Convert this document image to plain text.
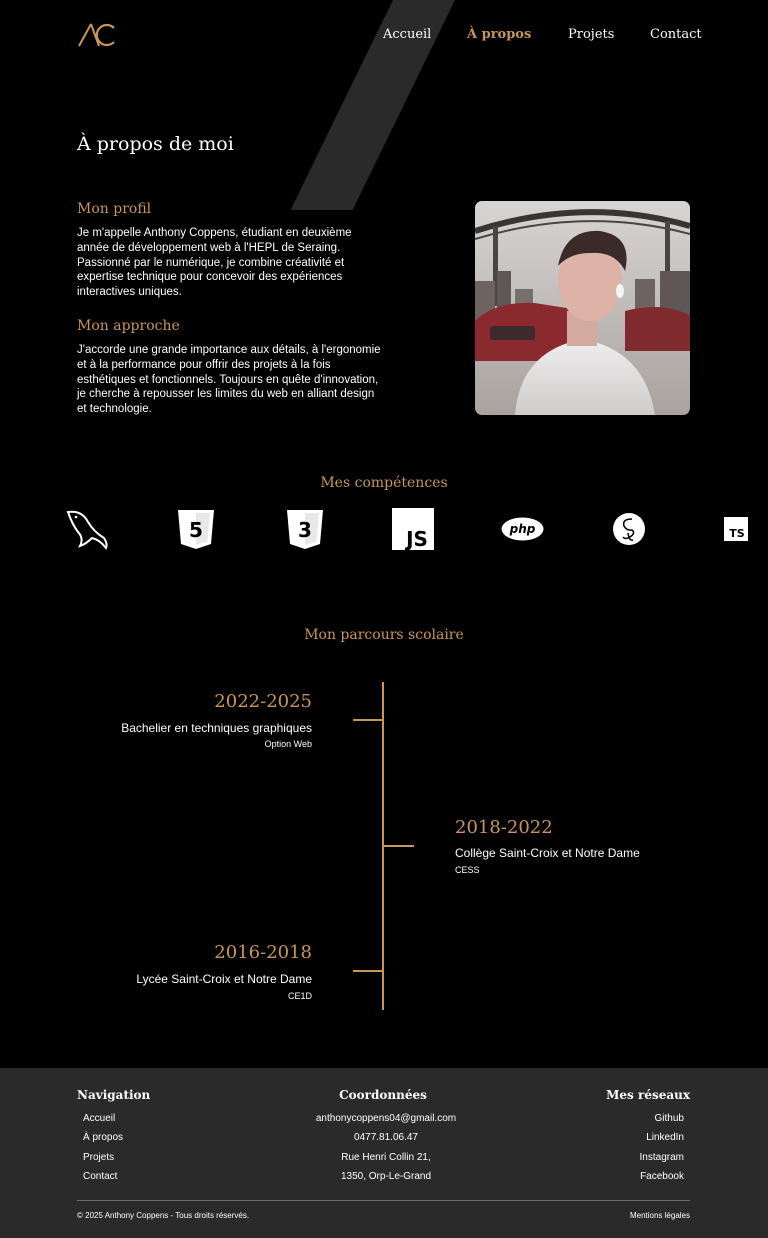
Accueil	À propos	Projets	Contact
À propos de moi
Mon profil

Je m'appelle Anthony Coppens, étudiant en deuxième année de développement web à l'HEPL de Seraing. Passionné par le numérique, je combine créativité et expertise technique pour concevoir des expériences interactives uniques.

Mon approche

J'accorde une grande importance aux détails, à l'ergonomie et à la performance pour offrir des projets à la fois esthétiques et fonctionnels. Toujours en quête d'innovation, je cherche à repousser les limites du web en alliant design et technologie.

Mes compétences
5	3	JS	php	TS
Mon parcours scolaire
2022-2025
Bachelier en techniques graphiques
Option Web
2018-2022
Collège Saint-Croix et Notre Dame
CESS
2016-2018
Lycée Saint-Croix et Notre Dame
CE1D
Navigation
Accueil
À propos
Projets
Contact
Coordonnées
anthonycoppens04@gmail.com
0477.81.06.47
Rue Henri Collin 21,
1350, Orp-Le-Grand
Mes réseaux
Github
LinkedIn
Instagram
Facebook
© 2025 Anthony Coppens - Tous droits réservés.	Mentions légales
